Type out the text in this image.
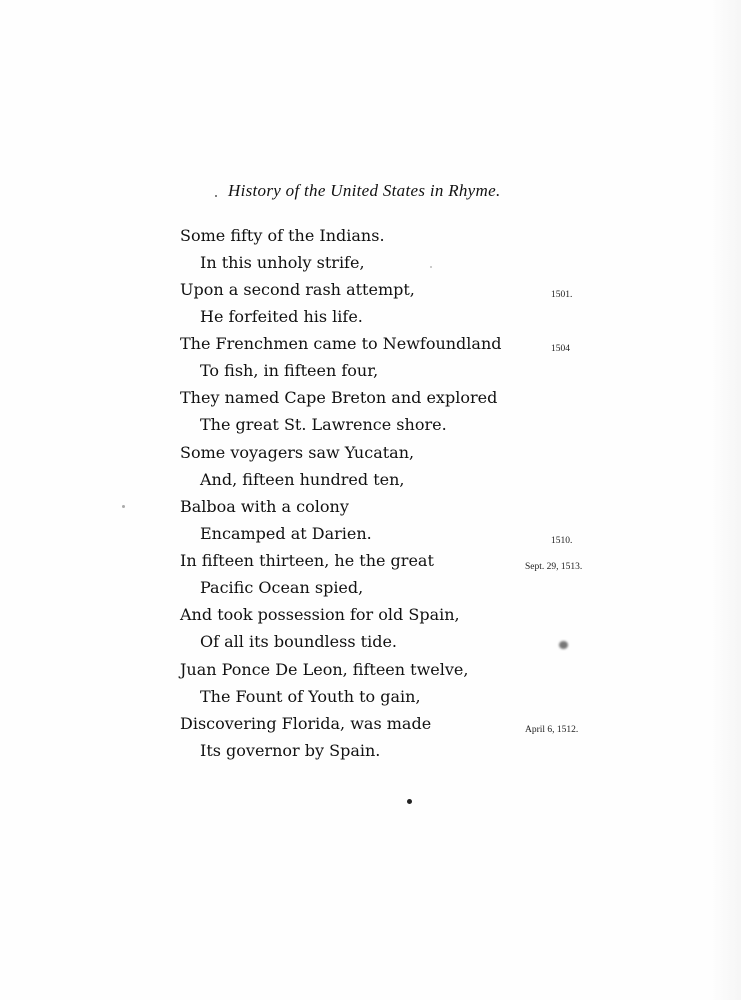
History of the United States in Rhyme.
Some fifty of the Indians.
In this unholy strife,
Upon a second rash attempt,
He forfeited his life.
The Frenchmen came to Newfoundland
To fish, in fifteen four,
They named Cape Breton and explored
The great St. Lawrence shore.
Some voyagers saw Yucatan,
And, fifteen hundred ten,
Balboa with a colony
Encamped at Darien.
In fifteen thirteen, he the great
Pacific Ocean spied,
And took possession for old Spain,
Of all its boundless tide.
Juan Ponce De Leon, fifteen twelve,
The Fount of Youth to gain,
Discovering Florida, was made
Its governor by Spain.
1501.
1504
1510.
Sept. 29, 1513.
April 6, 1512.
